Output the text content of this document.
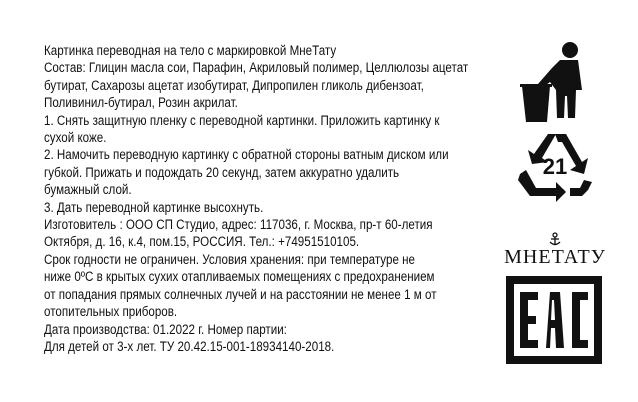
Картинка переводная на тело с маркировкой МнеТату

Состав: Глицин масла сои, Парафин, Акриловый полимер, Целлюлозы ацетат

бутират, Сахарозы ацетат изобутират, Дипропилен гликоль дибензоат,

Поливинил-бутирал, Розин акрилат.

1. Снять защитную пленку с переводной картинки. Приложить картинку к

сухой коже.

2. Намочить переводную картинку с обратной стороны ватным диском или

губкой. Прижать и подождать 20 секунд, затем аккуратно удалить

бумажный слой.

3. Дать переводной картинке высохнуть.

Изготовитель : ООО СП Студио, адрес: 117036, г. Москва, пр-т 60-летия

Октября, д. 16, к.4, пом.15, РОССИЯ. Тел.: +74951510105.

Срок годности не ограничен. Условия хранения: при температуре не

ниже 0ºС в крытых сухих отапливаемых помещениях с предохранением

от попадания прямых солнечных лучей и на расстоянии не менее 1 м от

отопительных приборов.

Дата производства: 01.2022 г. Номер партии:

Для детей от 3-х лет. ТУ 20.42.15-001-18934140-2018.

21
PAP
МНЕТАТУ
